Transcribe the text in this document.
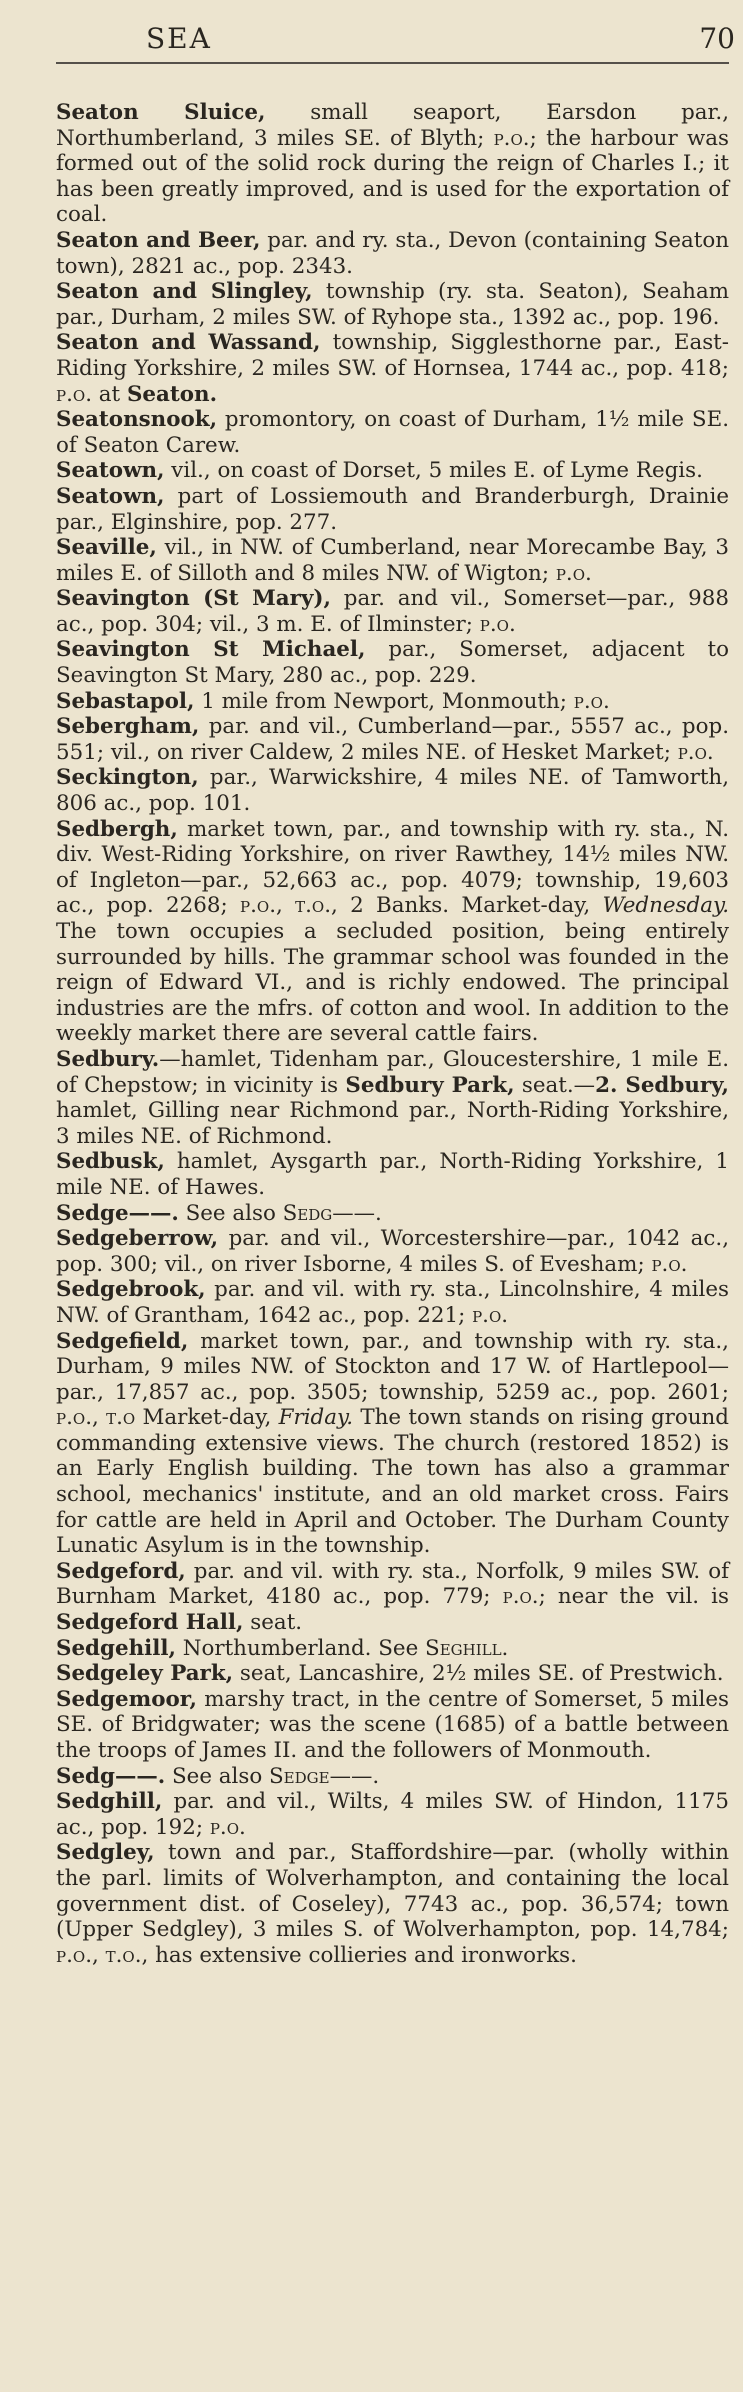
SEA	70

Seaton Sluice, small seaport, Earsdon par., Northumberland, 3 miles SE. of Blyth; p.o.; the harbour was formed out of the solid rock during the reign of Charles I.; it has been greatly improved, and is used for the exportation of coal.

Seaton and Beer, par. and ry. sta., Devon (containing Seaton town), 2821 ac., pop. 2343.

Seaton and Slingley, township (ry. sta. Seaton), Seaham par., Durham, 2 miles SW. of Ryhope sta., 1392 ac., pop. 196.

Seaton and Wassand, township, Sigglesthorne par., East-Riding Yorkshire, 2 miles SW. of Hornsea, 1744 ac., pop. 418; p.o. at Seaton.

Seatonsnook, promontory, on coast of Durham, 1½ mile SE. of Seaton Carew.

Seatown, vil., on coast of Dorset, 5 miles E. of Lyme Regis.

Seatown, part of Lossiemouth and Branderburgh, Drainie par., Elginshire, pop. 277.

Seaville, vil., in NW. of Cumberland, near Morecambe Bay, 3 miles E. of Silloth and 8 miles NW. of Wigton; p.o.

Seavington (St Mary), par. and vil., Somerset—par., 988 ac., pop. 304; vil., 3 m. E. of Ilminster; p.o.

Seavington St Michael, par., Somerset, adjacent to Seavington St Mary, 280 ac., pop. 229.

Sebastapol, 1 mile from Newport, Monmouth; p.o.

Sebergham, par. and vil., Cumberland—par., 5557 ac., pop. 551; vil., on river Caldew, 2 miles NE. of Hesket Market; p.o.

Seckington, par., Warwickshire, 4 miles NE. of Tamworth, 806 ac., pop. 101.

Sedbergh, market town, par., and township with ry. sta., N. div. West-Riding Yorkshire, on river Rawthey, 14½ miles NW. of Ingleton—par., 52,663 ac., pop. 4079; township, 19,603 ac., pop. 2268; p.o., t.o., 2 Banks. Market-day, Wednesday. The town occupies a secluded position, being entirely surrounded by hills. The grammar school was founded in the reign of Edward VI., and is richly endowed. The principal industries are the mfrs. of cotton and wool. In addition to the weekly market there are several cattle fairs.

Sedbury.—hamlet, Tidenham par., Gloucestershire, 1 mile E. of Chepstow; in vicinity is Sedbury Park, seat.—2. Sedbury, hamlet, Gilling near Richmond par., North-Riding Yorkshire, 3 miles NE. of Richmond.

Sedbusk, hamlet, Aysgarth par., North-Riding Yorkshire, 1 mile NE. of Hawes.

Sedge——. See also Sedg——.

Sedgeberrow, par. and vil., Worcestershire—par., 1042 ac., pop. 300; vil., on river Isborne, 4 miles S. of Evesham; p.o.

Sedgebrook, par. and vil. with ry. sta., Lincolnshire, 4 miles NW. of Grantham, 1642 ac., pop. 221; p.o.

Sedgefield, market town, par., and township with ry. sta., Durham, 9 miles NW. of Stockton and 17 W. of Hartlepool—par., 17,857 ac., pop. 3505; township, 5259 ac., pop. 2601; p.o., t.o Market-day, Friday. The town stands on rising ground commanding extensive views. The church (restored 1852) is an Early English building. The town has also a grammar school, mechanics' institute, and an old market cross. Fairs for cattle are held in April and October. The Durham County Lunatic Asylum is in the township.

Sedgeford, par. and vil. with ry. sta., Norfolk, 9 miles SW. of Burnham Market, 4180 ac., pop. 779; p.o.; near the vil. is Sedgeford Hall, seat.

Sedgehill, Northumberland. See Seghill.

Sedgeley Park, seat, Lancashire, 2½ miles SE. of Prestwich.

Sedgemoor, marshy tract, in the centre of Somerset, 5 miles SE. of Bridgwater; was the scene (1685) of a battle between the troops of James II. and the followers of Monmouth.

Sedg——. See also Sedge——.

Sedghill, par. and vil., Wilts, 4 miles SW. of Hindon, 1175 ac., pop. 192; p.o.

Sedgley, town and par., Staffordshire—par. (wholly within the parl. limits of Wolverhampton, and containing the local government dist. of Coseley), 7743 ac., pop. 36,574; town (Upper Sedgley), 3 miles S. of Wolverhampton, pop. 14,784; p.o., t.o., has extensive collieries and ironworks.
